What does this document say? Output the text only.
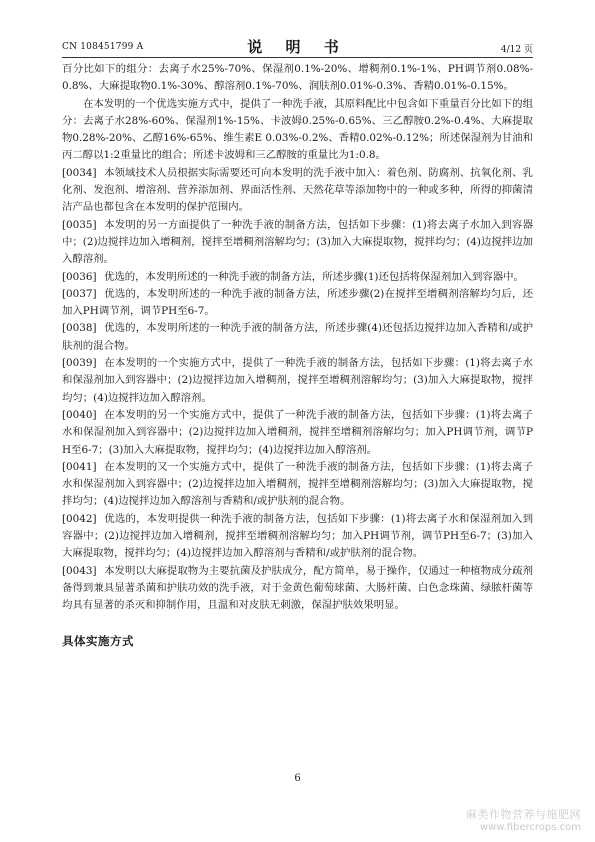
CN 108451799 A	说 明 书	4/12 页

百分比如下的组分：去离子水25%-70%、保湿剂0.1%-20%、增稠剂0.1%-1%、PH调节剂0.08%-0.8%、大麻提取物0.1%-30%、醇溶剂0.1%-70%、润肤剂0.01%-0.3%、香精0.01%-0.15%。

在本发明的一个优选实施方式中，提供了一种洗手液，其原料配比中包含如下重量百分比如下的组分：去离子水28%-60%、保湿剂1%-15%、卡波姆0.25%-0.65%、三乙醇胺0.2%-0.4%、大麻提取物0.28%-20%、乙醇16%-65%、维生素E 0.03%-0.2%、香精0.02%-0.12%；所述保湿剂为甘油和丙二醇以1:2重量比的组合；所述卡波姆和三乙醇胺的重量比为1:0.8。

[0034] 本领域技术人员根据实际需要还可向本发明的洗手液中加入：着色剂、防腐剂、抗氧化剂、乳化剂、发泡剂、增溶剂、营养添加剂、界面活性剂、天然花草等添加物中的一种或多种，所得的抑菌清洁产品也都包含在本发明的保护范围内。

[0035] 本发明的另一方面提供了一种洗手液的制备方法，包括如下步骤：(1)将去离子水加入到容器中；(2)边搅拌边加入增稠剂，搅拌至增稠剂溶解均匀；(3)加入大麻提取物，搅拌均匀；(4)边搅拌边加入醇溶剂。

[0036] 优选的，本发明所述的一种洗手液的制备方法，所述步骤(1)还包括将保湿剂加入到容器中。

[0037] 优选的，本发明所述的一种洗手液的制备方法，所述步骤(2)在搅拌至增稠剂溶解均匀后，还加入PH调节剂，调节PH至6-7。

[0038] 优选的，本发明所述的一种洗手液的制备方法，所述步骤(4)还包括边搅拌边加入香精和/或护肤剂的混合物。

[0039] 在本发明的一个实施方式中，提供了一种洗手液的制备方法，包括如下步骤：(1)将去离子水和保湿剂加入到容器中；(2)边搅拌边加入增稠剂，搅拌至增稠剂溶解均匀；(3)加入大麻提取物，搅拌均匀；(4)边搅拌边加入醇溶剂。

[0040] 在本发明的另一个实施方式中，提供了一种洗手液的制备方法，包括如下步骤：(1)将去离子水和保湿剂加入到容器中；(2)边搅拌边加入增稠剂，搅拌至增稠剂溶解均匀；加入PH调节剂，调节PH至6-7；(3)加入大麻提取物，搅拌均匀；(4)边搅拌边加入醇溶剂。

[0041] 在本发明的又一个实施方式中，提供了一种洗手液的制备方法，包括如下步骤：(1)将去离子水和保湿剂加入到容器中；(2)边搅拌边加入增稠剂，搅拌至增稠剂溶解均匀；(3)加入大麻提取物，搅拌均匀；(4)边搅拌边加入醇溶剂与香精和/或护肤剂的混合物。

[0042] 优选的，本发明提供一种洗手液的制备方法，包括如下步骤：(1)将去离子水和保湿剂加入到容器中；(2)边搅拌边加入增稠剂，搅拌至增稠剂溶解均匀；加入PH调节剂，调节PH至6-7；(3)加入大麻提取物，搅拌均匀；(4)边搅拌边加入醇溶剂与香精和/或护肤剂的混合物。

[0043] 本发明以大麻提取物为主要抗菌及护肤成分，配方简单，易于操作，仅通过一种植物成分疏剂备得到兼具显著杀菌和护肤功效的洗手液，对于金黄色葡萄球菌、大肠杆菌、白色念珠菌、绿脓杆菌等均具有显著的杀灭和抑制作用，且温和对皮肤无刺激，保湿护肤效果明显。

具体实施方式
6
麻类作物营养与施肥网
www.fibercrops.com
